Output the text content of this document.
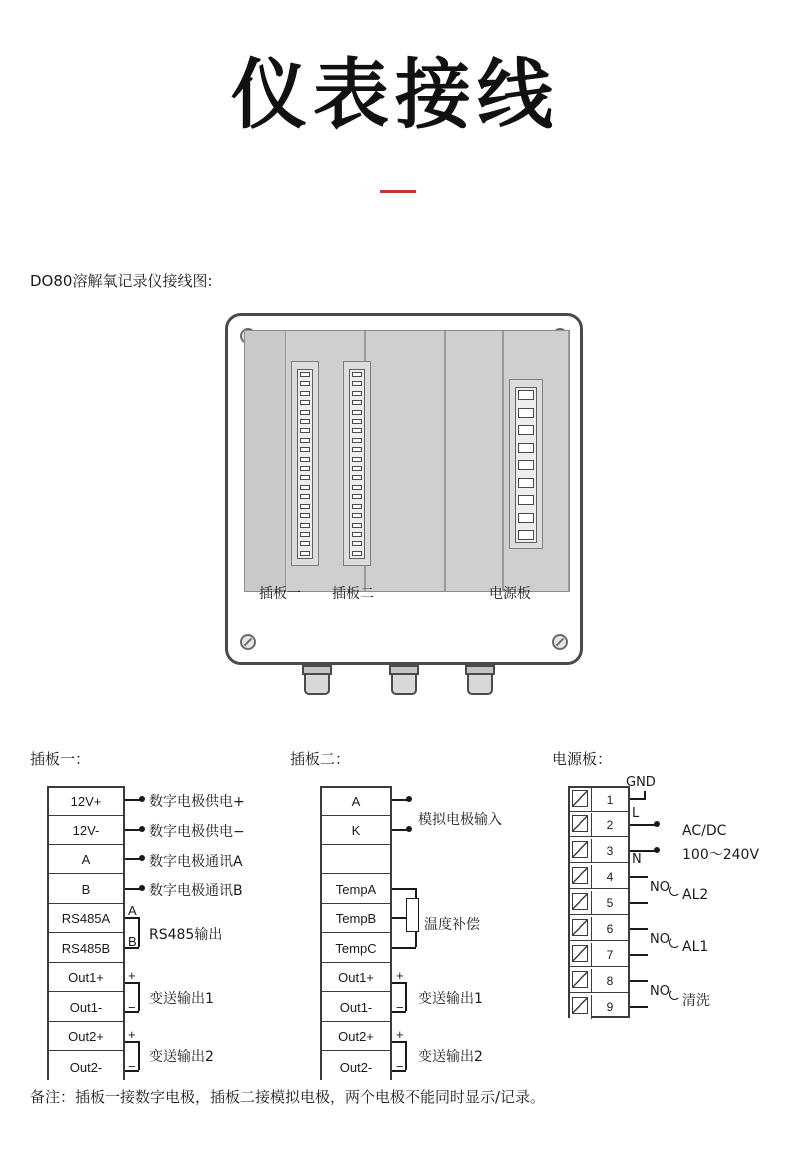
仪表接线
DO80溶解氧记录仪接线图:
插板一 插板二	电源板
插板一：
12V+
12V-
A
B
RS485A
RS485B
Out1+
Out1-
Out2+
Out2-
数字电极供电+
数字电极供电−
数字电极通讯A
数字电极通讯B
RS485输出
变送输出1
变送输出2
A
B
+
−
+
−
插板二：
A
K
TempA
TempB
TempC
Out1+
Out1-
Out2+
Out2-
模拟电极输入
温度补偿
变送输出1
变送输出2
+
−
+
−
电源板：
1
2
3
4
5
6
7
8
9
GND
L
N
AC/DC
100～240V
NO AL2
NO AL1
NO
清洗
备注：插板一接数字电极，插板二接模拟电极，两个电极不能同时显示/记录。
